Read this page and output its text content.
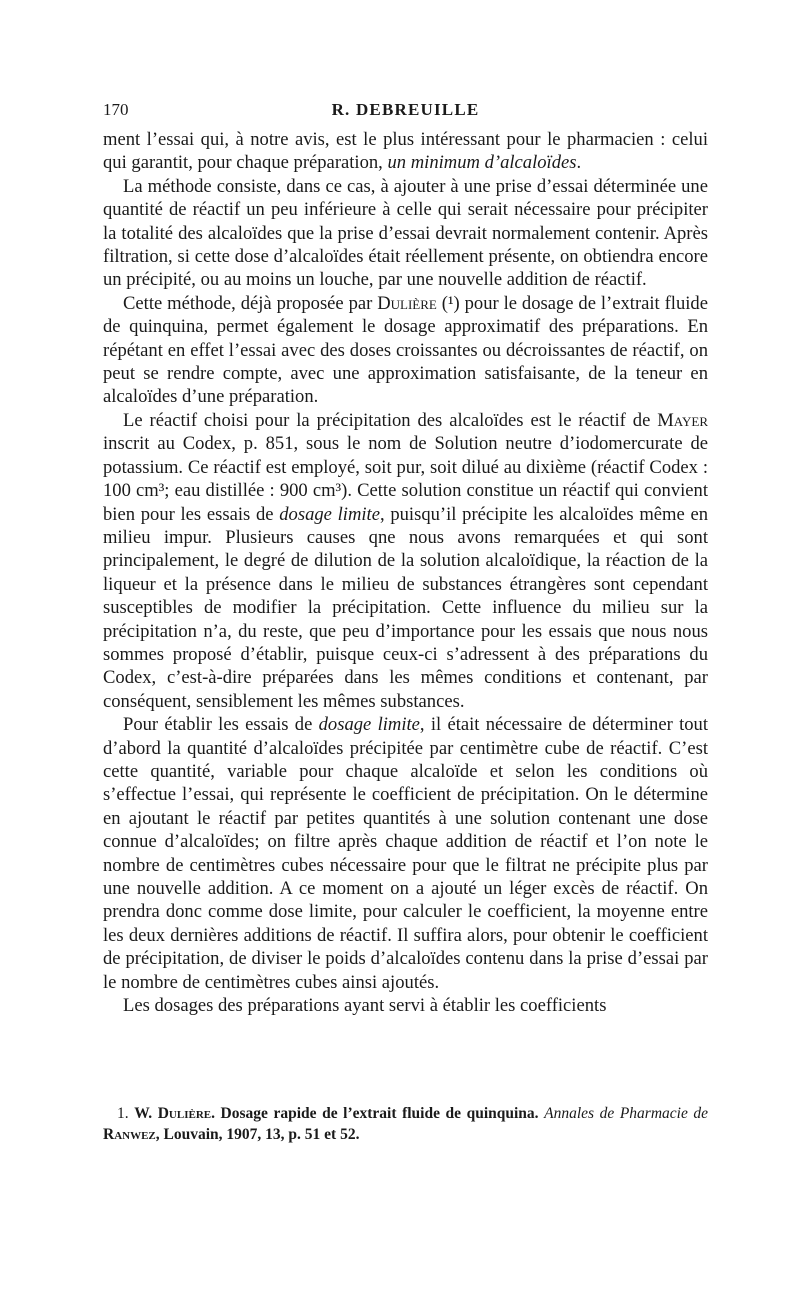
170	R. DEBREUILLE

ment l’essai qui, à notre avis, est le plus intéressant pour le pharmacien : celui qui garantit, pour chaque préparation, un minimum d’alcaloïdes.

La méthode consiste, dans ce cas, à ajouter à une prise d’essai déterminée une quantité de réactif un peu inférieure à celle qui serait nécessaire pour précipiter la totalité des alcaloïdes que la prise d’essai devrait normalement contenir. Après filtration, si cette dose d’alcaloïdes était réellement présente, on obtiendra encore un précipité, ou au moins un louche, par une nouvelle addition de réactif.

Cette méthode, déjà proposée par Dulière (¹) pour le dosage de l’extrait fluide de quinquina, permet également le dosage approximatif des préparations. En répétant en effet l’essai avec des doses croissantes ou décroissantes de réactif, on peut se rendre compte, avec une approximation satisfaisante, de la teneur en alcaloïdes d’une préparation.

Le réactif choisi pour la précipitation des alcaloïdes est le réactif de Mayer inscrit au Codex, p. 851, sous le nom de Solution neutre d’iodomercurate de potassium. Ce réactif est employé, soit pur, soit dilué au dixième (réactif Codex : 100 cm³; eau distillée : 900 cm³). Cette solution constitue un réactif qui convient bien pour les essais de dosage limite, puisqu’il précipite les alcaloïdes même en milieu impur. Plusieurs causes qne nous avons remarquées et qui sont principalement, le degré de dilution de la solution alcaloïdique, la réaction de la liqueur et la présence dans le milieu de substances étrangères sont cependant susceptibles de modifier la précipitation. Cette influence du milieu sur la précipitation n’a, du reste, que peu d’importance pour les essais que nous nous sommes proposé d’établir, puisque ceux-ci s’adressent à des préparations du Codex, c’est-à-dire préparées dans les mêmes conditions et contenant, par conséquent, sensiblement les mêmes substances.

Pour établir les essais de dosage limite, il était nécessaire de déterminer tout d’abord la quantité d’alcaloïdes précipitée par centimètre cube de réactif. C’est cette quantité, variable pour chaque alcaloïde et selon les conditions où s’effectue l’essai, qui représente le coefficient de précipitation. On le détermine en ajoutant le réactif par petites quantités à une solution contenant une dose connue d’alcaloïdes; on filtre après chaque addition de réactif et l’on note le nombre de centimètres cubes nécessaire pour que le filtrat ne précipite plus par une nouvelle addition. A ce moment on a ajouté un léger excès de réactif. On prendra donc comme dose limite, pour calculer le coefficient, la moyenne entre les deux dernières additions de réactif. Il suffira alors, pour obtenir le coefficient de précipitation, de diviser le poids d’alcaloïdes contenu dans la prise d’essai par le nombre de centimètres cubes ainsi ajoutés.

Les dosages des préparations ayant servi à établir les coefficients

1. W. Dulière. Dosage rapide de l’extrait fluide de quinquina. Annales de Pharmacie de Ranwez, Louvain, 1907, 13, p. 51 et 52.
